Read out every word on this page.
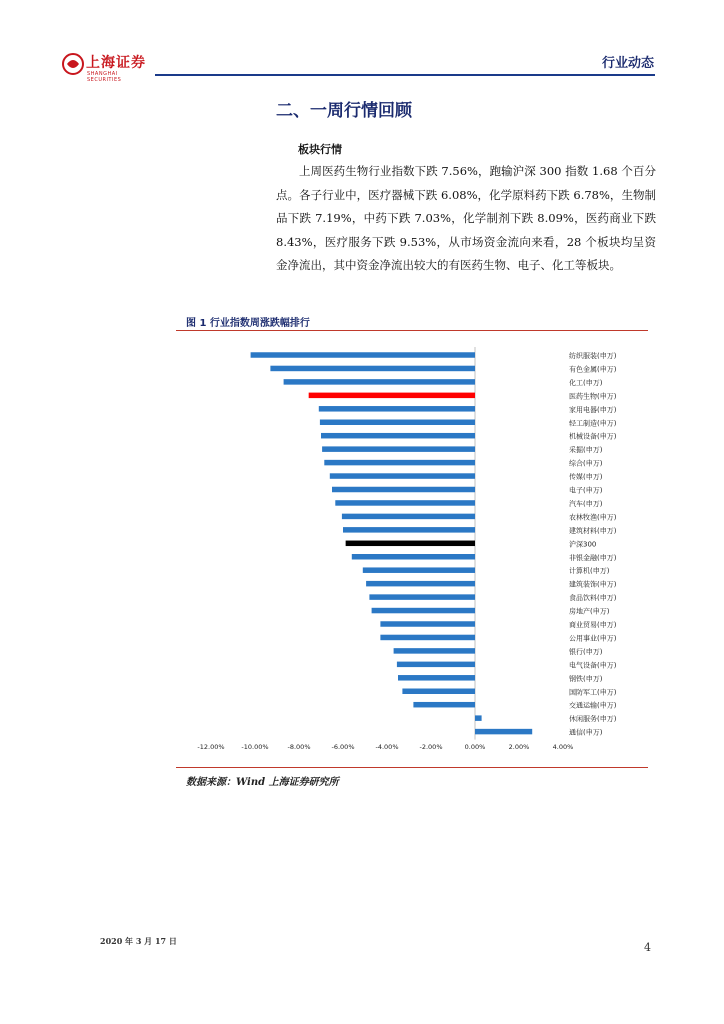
上海证券
SHANGHAI SECURITIES
行业动态
二、一周行情回顾
板块行情
上周医药生物行业指数下跌 7.56%，跑输沪深 300 指数 1.68 个百分点。各子行业中，医疗器械下跌 6.08%，化学原料药下跌 6.78%，生物制品下跌 7.19%，中药下跌 7.03%，化学制剂下跌 8.09%，医药商业下跌 8.43%，医疗服务下跌 9.53%，从市场资金流向来看，28 个板块均呈资金净流出，其中资金净流出较大的有医药生物、电子、化工等板块。
图 1 行业指数周涨跌幅排行
纺织服装(申万)
有色金属(申万)
化工(申万)
医药生物(申万)
家用电器(申万)
轻工制造(申万)
机械设备(申万)
采掘(申万)
综合(申万)
传媒(申万)
电子(申万)
汽车(申万)
农林牧渔(申万)
建筑材料(申万)
沪深300
非银金融(申万)
计算机(申万)
建筑装饰(申万)
食品饮料(申万)
房地产(申万)
商业贸易(申万)
公用事业(申万)
银行(申万)
电气设备(申万)
钢铁(申万)
国防军工(申万)
交通运输(申万)
休闲服务(申万)
通信(申万)
-12.00%	-10.00%	-8.00%	-6.00%	-4.00%	-2.00%	0.00%	2.00%	4.00%
数据来源：Wind 上海证券研究所
2020 年 3 月 17 日	4
